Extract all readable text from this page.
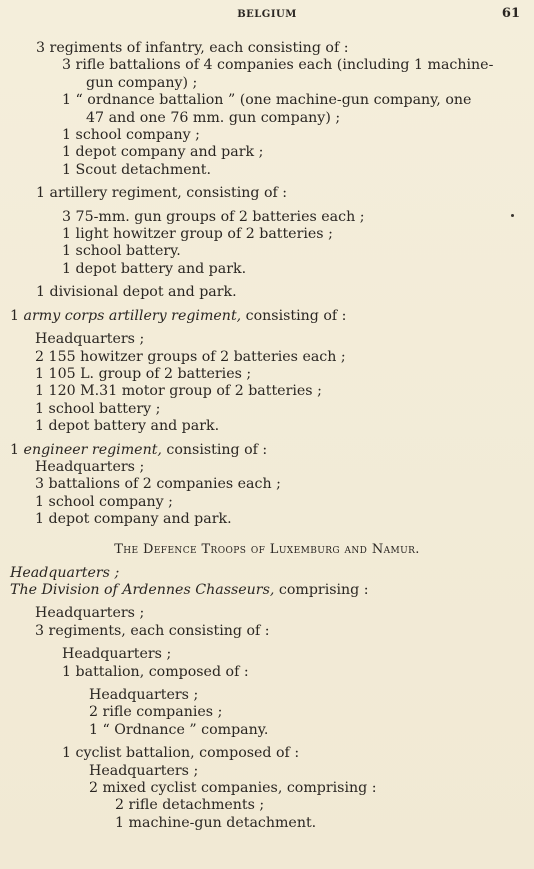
BELGIUM	61
3 regiments of infantry, each consisting of :
3 rifle battalions of 4 companies each (including 1 machine-
gun company) ;
1 “ ordnance battalion ” (one machine-gun company, one
47 and one 76 mm. gun company) ;
1 school company ;
1 depot company and park ;
1 Scout detachment.
1 artillery regiment, consisting of :
3 75-mm. gun groups of 2 batteries each ;
1 light howitzer group of 2 batteries ;
1 school battery.
1 depot battery and park.
1 divisional depot and park.
1 army corps artillery regiment, consisting of :
Headquarters ;
2 155 howitzer groups of 2 batteries each ;
1 105 L. group of 2 batteries ;
1 120 M.31 motor group of 2 batteries ;
1 school battery ;
1 depot battery and park.
1 engineer regiment, consisting of :
Headquarters ;
3 battalions of 2 companies each ;
1 school company ;
1 depot company and park.
The Defence Troops of Luxemburg and Namur.
Headquarters ;
The Division of Ardennes Chasseurs, comprising :
Headquarters ;
3 regiments, each consisting of :
Headquarters ;
1 battalion, composed of :
Headquarters ;
2 rifle companies ;
1 “ Ordnance ” company.
1 cyclist battalion, composed of :
Headquarters ;
2 mixed cyclist companies, comprising :
2 rifle detachments ;
1 machine-gun detachment.
